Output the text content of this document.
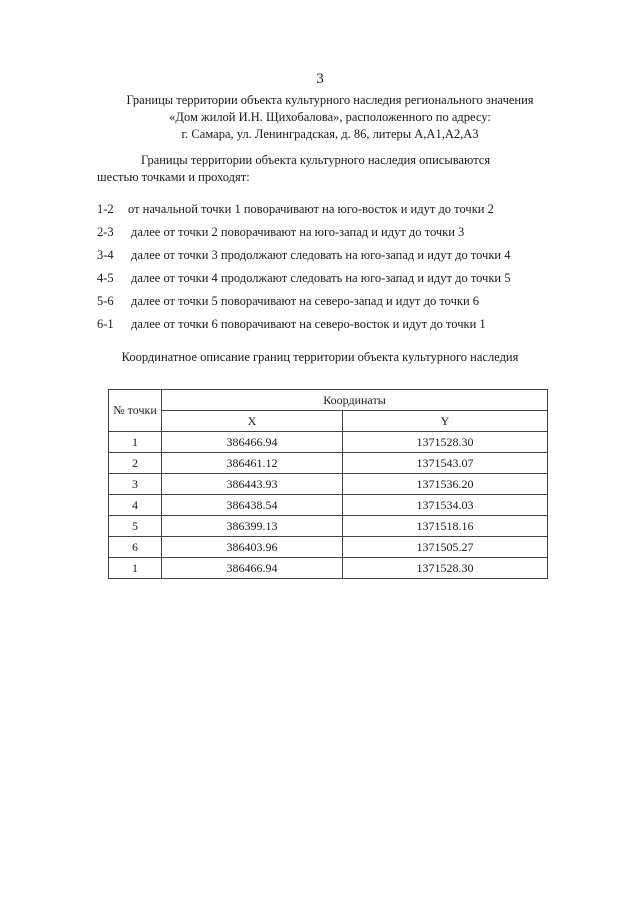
3
Границы территории объекта культурного наследия регионального значения
«Дом жилой И.Н. Щихобалова», расположенного по адресу:
г. Самара, ул. Ленинградская, д. 86, литеры А,А1,А2,А3
Границы территории объекта культурного наследия описываются
шестью точками и проходят:
1-2 от начальной точки 1 поворачивают на юго-восток и идут до точки 2
2-3 далее от точки 2 поворачивают на юго-запад и идут до точки 3
3-4 далее от точки 3 продолжают следовать на юго-запад и идут до точки 4
4-5 далее от точки 4 продолжают следовать на юго-запад и идут до точки 5
5-6 далее от точки 5 поворачивают на северо-запад и идут до точки 6
6-1 далее от точки 6 поворачивают на северо-восток и идут до точки 1
Координатное описание границ территории объекта культурного наследия
№ точки	Координаты	
	X	Y
1	386466.94	1371528.30
2	386461.12	1371543.07
3	386443.93	1371536.20
4	386438.54	1371534.03
5	386399.13	1371518.16
6	386403.96	1371505.27
1	386466.94	1371528.30
